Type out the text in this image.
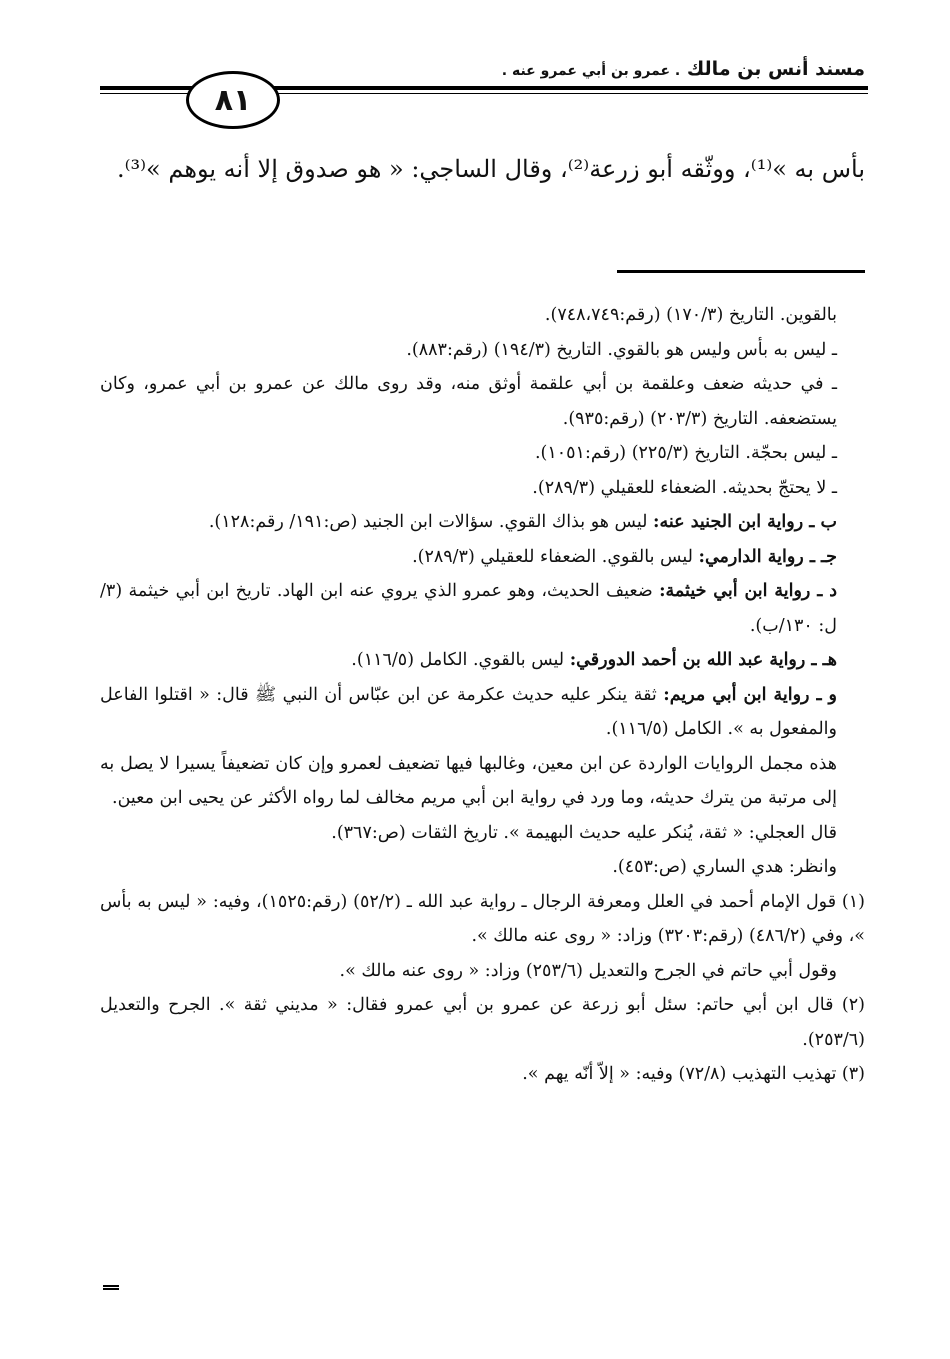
مسند أنس بن مالك . عمرو بن أبي عمرو عنه .
٨١
بأس به »⁽¹⁾، ووثّقه أبو زرعة⁽²⁾، وقال الساجي: « هو صدوق إلا أنه يوهم »⁽³⁾.

بالقوين. التاريخ (١٧٠/٣) (رقم:٧٤٨،٧٤٩).

ـ ليس به بأس وليس هو بالقوي. التاريخ (١٩٤/٣) (رقم:٨٨٣).

ـ في حديثه ضعف وعلقمة بن أبي علقمة أوثق منه، وقد روى مالك عن عمرو بن أبي عمرو، وكان يستضعفه. التاريخ (٢٠٣/٣) (رقم:٩٣٥).

ـ ليس بحجّة. التاريخ (٢٢٥/٣) (رقم:١٠٥١).

ـ لا يحتجّ بحديثه. الضعفاء للعقيلي (٢٨٩/٣).

ب ـ رواية ابن الجنيد عنه: ليس هو بذاك القوي. سؤالات ابن الجنيد (ص:١٩١/ رقم:١٢٨).

جـ ـ رواية الدارمي: ليس بالقوي. الضعفاء للعقيلي (٢٨٩/٣).

د ـ رواية ابن أبي خيثمة: ضعيف الحديث، وهو عمرو الذي يروي عنه ابن الهاد. تاريخ ابن أبي خيثمة (٣/ل: ١٣٠/ب).

هـ ـ رواية عبد الله بن أحمد الدورقي: ليس بالقوي. الكامل (١١٦/٥).

و ـ رواية ابن أبي مريم: ثقة ينكر عليه حديث عكرمة عن ابن عبّاس أن النبي ﷺ قال: « اقتلوا الفاعل والمفعول به ». الكامل (١١٦/٥).

هذه مجمل الروايات الواردة عن ابن معين، وغالبها فيها تضعيف لعمرو وإن كان تضعيفاً يسيرا لا يصل به إلى مرتبة من يترك حديثه، وما ورد في رواية ابن أبي مريم مخالف لما رواه الأكثر عن يحيى ابن معين.

قال العجلي: « ثقة، يُنكر عليه حديث البهيمة ». تاريخ الثقات (ص:٣٦٧).

وانظر: هدي الساري (ص:٤٥٣).

(١) قول الإمام أحمد في العلل ومعرفة الرجال ـ رواية عبد الله ـ (٥٢/٢) (رقم:١٥٢٥)، وفيه: « ليس به بأس »، وفي (٤٨٦/٢) (رقم:٣٢٠٣) وزاد: « روى عنه مالك ».

وقول أبي حاتم في الجرح والتعديل (٢٥٣/٦) وزاد: « روى عنه مالك ».

(٢) قال ابن أبي حاتم: سئل أبو زرعة عن عمرو بن أبي عمرو فقال: « مديني ثقة ». الجرح والتعديل (٢٥٣/٦).

(٣) تهذيب التهذيب (٧٢/٨) وفيه: « إلاّ أنّه يهم ».
